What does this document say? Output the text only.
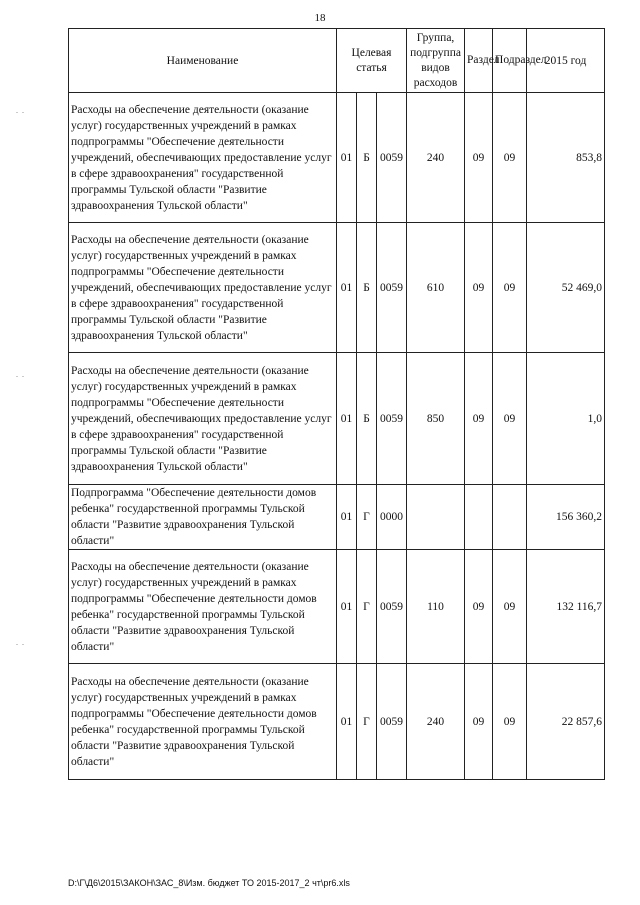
18
. .
. .
. .
Наименование	Целевая статья			Группа, подгруппа видов расходов	Раздел	Подраздел	2015 год
Расходы на обеспечение деятельности (оказание услуг) государственных учреждений в рамках подпрограммы "Обеспечение деятельности учреждений, обеспечивающих предоставление услуг в сфере здравоохранения" государственной программы Тульской области "Развитие здравоохранения Тульской области"	01	Б	0059	240	09	09	853,8
Расходы на обеспечение деятельности (оказание услуг) государственных учреждений в рамках подпрограммы "Обеспечение деятельности учреждений, обеспечивающих предоставление услуг в сфере здравоохранения" государственной программы Тульской области "Развитие здравоохранения Тульской области"	01	Б	0059	610	09	09	52 469,0
Расходы на обеспечение деятельности (оказание услуг) государственных учреждений в рамках подпрограммы "Обеспечение деятельности учреждений, обеспечивающих предоставление услуг в сфере здравоохранения" государственной программы Тульской области "Развитие здравоохранения Тульской области"	01	Б	0059	850	09	09	1,0
Подпрограмма "Обеспечение деятельности домов ребенка" государственной программы Тульской области "Развитие здравоохранения Тульской области"	01	Г	0000				156 360,2
Расходы на обеспечение деятельности (оказание услуг) государственных учреждений в рамках подпрограммы "Обеспечение деятельности домов ребенка" государственной программы Тульской области "Развитие здравоохранения Тульской области"	01	Г	0059	110	09	09	132 116,7
Расходы на обеспечение деятельности (оказание услуг) государственных учреждений в рамках подпрограммы "Обеспечение деятельности домов ребенка" государственной программы Тульской области "Развитие здравоохранения Тульской области"	01	Г	0059	240	09	09	22 857,6
D:\Г\Д6\2015\ЗАКОН\ЗАС_8\Изм. бюджет ТО 2015-2017_2 чт\pr6.xls
